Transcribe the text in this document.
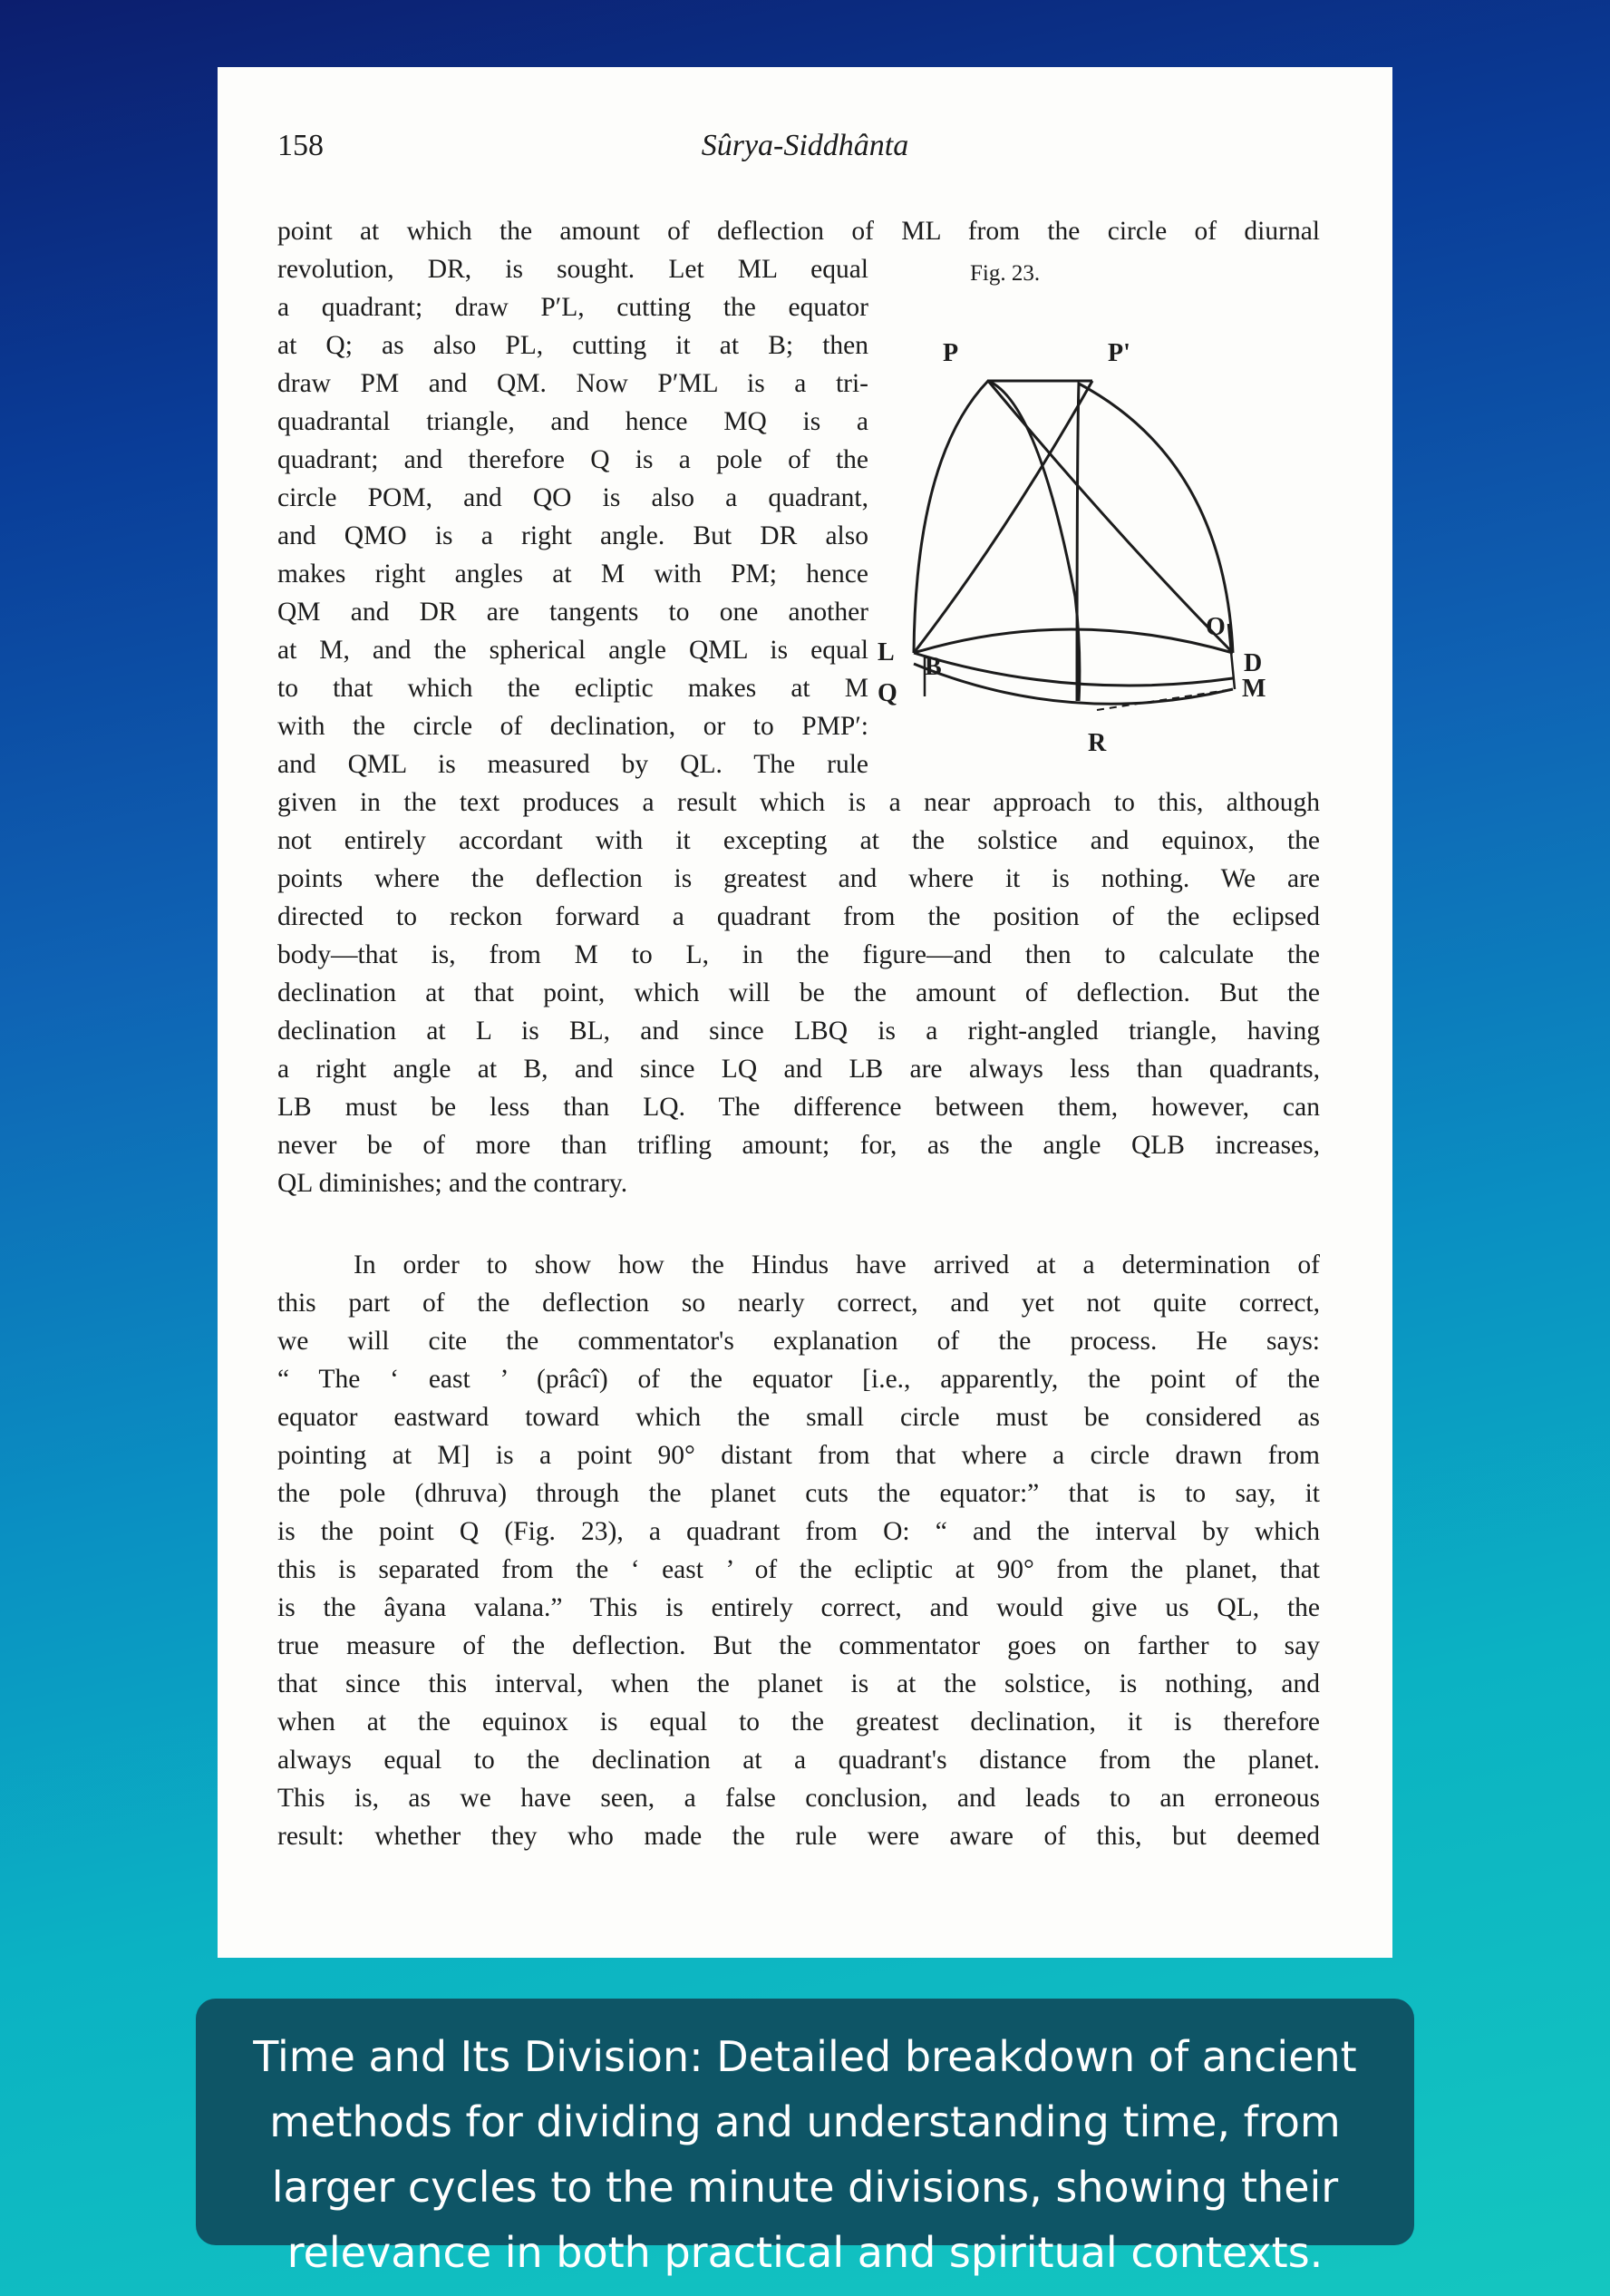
158	Sûrya-Siddhânta
point at which the amount of deflection of ML from the circle of diurnal
revolution, DR, is sought. Let ML equal
a quadrant; draw P′L, cutting the equator
at Q; as also PL, cutting it at B; then
draw PM and QM. Now P′ML is a tri-
quadrantal triangle, and hence MQ is a
quadrant; and therefore Q is a pole of the
circle POM, and QO is also a quadrant,
and QMO is a right angle. But DR also
makes right angles at M with PM; hence
QM and DR are tangents to one another
at M, and the spherical angle QML is equal
to that which the ecliptic makes at M
with the circle of declination, or to PMP′:
and QML is measured by QL. The rule
given in the text produces a result which is a near approach to this, although
not entirely accordant with it excepting at the solstice and equinox, the
points where the deflection is greatest and where it is nothing. We are
directed to reckon forward a quadrant from the position of the eclipsed
body—that is, from M to L, in the figure—and then to calculate the
declination at that point, which will be the amount of deflection. But the
declination at L is BL, and since LBQ is a right-angled triangle, having
a right angle at B, and since LQ and LB are always less than quadrants,
LB must be less than LQ. The difference between them, however, can
never be of more than trifling amount; for, as the angle QLB increases,
QL diminishes; and the contrary.
Fig. 23.
P	P'
L
Q
B
O
D
M
R
In order to show how the Hindus have arrived at a determination of
this part of the deflection so nearly correct, and yet not quite correct,
we will cite the commentator's explanation of the process. He says:
“ The ‘ east ’ (prâcî) of the equator [i.e., apparently, the point of the
equator eastward toward which the small circle must be considered as
pointing at M] is a point 90° distant from that where a circle drawn from
the pole (dhruva) through the planet cuts the equator:” that is to say, it
is the point Q (Fig. 23), a quadrant from O: “ and the interval by which
this is separated from the ‘ east ’ of the ecliptic at 90° from the planet, that
is the âyana valana.” This is entirely correct, and would give us QL, the
true measure of the deflection. But the commentator goes on farther to say
that since this interval, when the planet is at the solstice, is nothing, and
when at the equinox is equal to the greatest declination, it is therefore
always equal to the declination at a quadrant's distance from the planet.
This is, as we have seen, a false conclusion, and leads to an erroneous
result: whether they who made the rule were aware of this, but deemed
Time and Its Division: Detailed breakdown of ancient
methods for dividing and understanding time, from
larger cycles to the minute divisions, showing their
relevance in both practical and spiritual contexts.
